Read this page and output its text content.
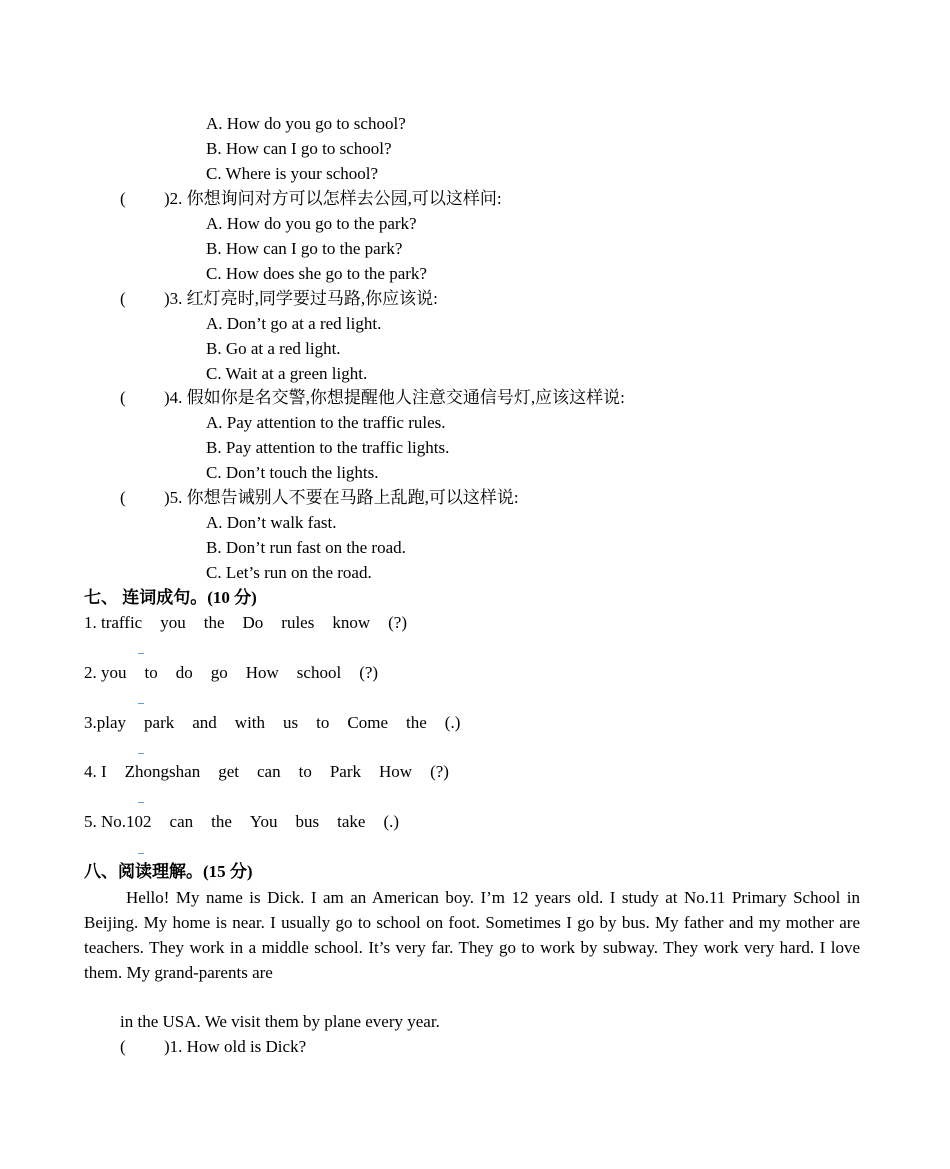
A. How do you go to school?
B. How can I go to school?
C. Where is your school?
( )2. 你想询问对方可以怎样去公园,可以这样问:
A. How do you go to the park?
B. How can I go to the park?
C. How does she go to the park?
( )3. 红灯亮时,同学要过马路,你应该说:
A. Don’t go at a red light.
B. Go at a red light.
C. Wait at a green light.
( )4. 假如你是名交警,你想提醒他人注意交通信号灯,应该这样说:
A. Pay attention to the traffic rules.
B. Pay attention to the traffic lights.
C. Don’t touch the lights.
( )5. 你想告诫别人不要在马路上乱跑,可以这样说:
A. Don’t walk fast.
B. Don’t run fast on the road.
C. Let’s run on the road.
七、 连词成句。(10 分)
1. traffic you the Do rules know (?)
2. you to do go How school (?)
3.play park and with us to Come the (.)
4. I Zhongshan get can to Park How (?)
5. No.102 can the You bus take (.)
八、阅读理解。(15 分)
Hello! My name is Dick. I am an American boy. I’m 12 years old. I study at No.11 Primary School in Beijing. My home is near. I usually go to school on foot. Sometimes I go by bus. My father and my mother are teachers. They work in a middle school. It’s very far. They go to work by subway. They work very hard. I love them. My grand-parents are
in the USA. We visit them by plane every year.
( )1. How old is Dick?
